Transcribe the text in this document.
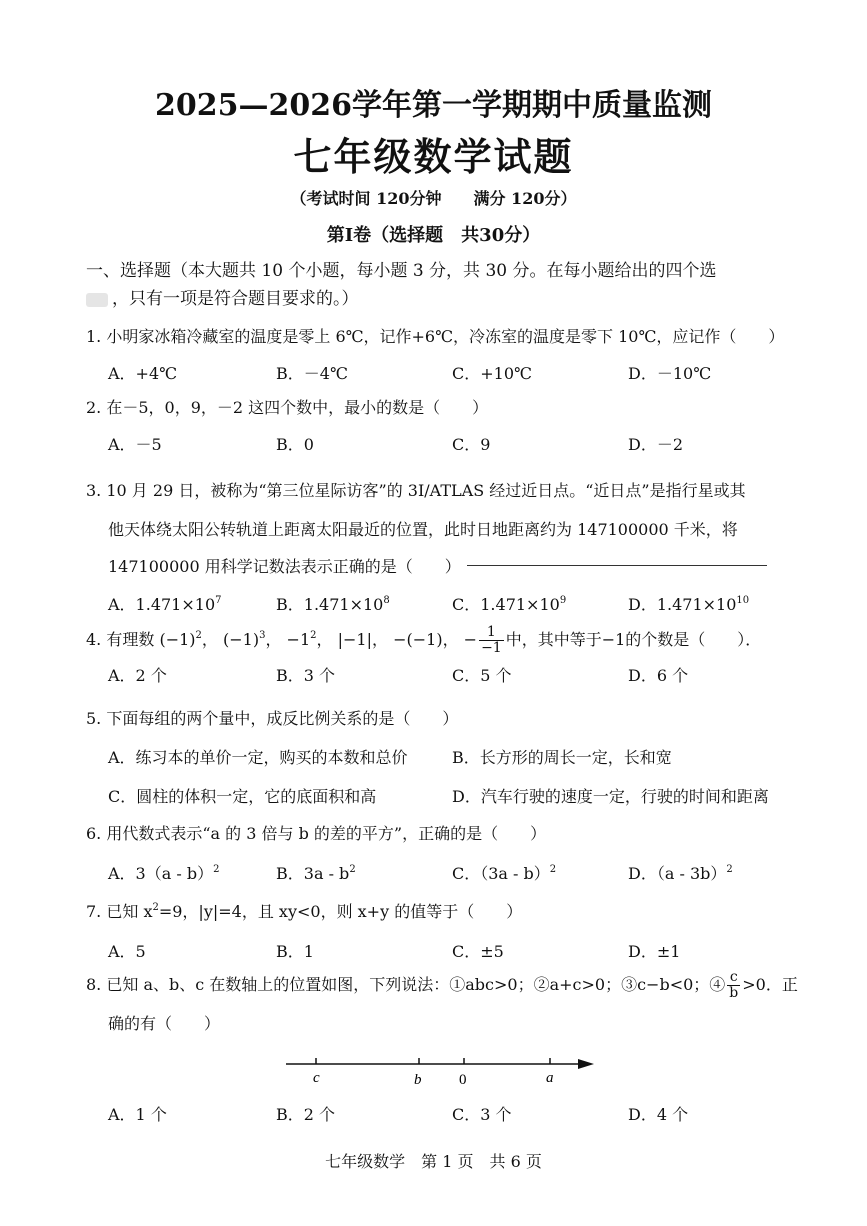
2025—2026学年第一学期期中质量监测
七年级数学试题
（考试时间 120分钟　　满分 120分）
第Ⅰ卷（选择题　共30分）
一、选择题（本大题共 10 个小题，每小题 3 分，共 30 分。在每小题给出的四个选
，只有一项是符合题目要求的。）
1. 小明家冰箱冷藏室的温度是零上 6℃，记作+6℃，冷冻室的温度是零下 10℃，应记作（　　）
A．+4℃	B．－4℃	C．+10℃	D．－10℃
2. 在－5，0，9，－2 这四个数中，最小的数是（　　）
A．－5	B．0	C．9	D．－2
3. 10 月 29 日，被称为“第三位星际访客”的 3I/ATLAS 经过近日点。“近日点”是指行星或其
他天体绕太阳公转轨道上距离太阳最近的位置，此时日地距离约为 147100000 千米，将
147100000 用科学记数法表示正确的是（　　）
A．$1.471\times 10^7$	B．$1.471\times 10^8$	C．$1.471\times 10^9$	D．$1.471\times 10^{10}$
4. 有理数 $(-1)^2$， $(-1)^3$， $-1^2$， |−1|， −(−1)， − $\frac{1}{-1}$ 中，其中等于−1的个数是（　　）．
A．2 个	B．3 个	C．5 个	D．6 个
5. 下面每组的两个量中，成反比例关系的是（　　）
A．练习本的单价一定，购买的本数和总价	B．长方形的周长一定，长和宽
C．圆柱的体积一定，它的底面积和高	D．汽车行驶的速度一定，行驶的时间和距离
6. 用代数式表示“a 的 3 倍与 b 的差的平方”，正确的是（　　）
A．3（a - b）$^2$	B．$3a - b^2$	C．（3a - b）$^2$	D．（a - 3b）$^2$
7. 已知 $x^2=9$，|y|=4，且 xy<0，则 x+y 的值等于（　　）
A．5	B．1	C．±5	D．±1
8. 已知 a、b、c 在数轴上的位置如图，下列说法：①abc>0；②a+c>0；③c−b<0；④ $\frac{c}{b} >0$．正
确的有（　　）
c	b	0	a
A．1 个	B．2 个	C．3 个	D．4 个
七年级数学　第 1 页　共 6 页
